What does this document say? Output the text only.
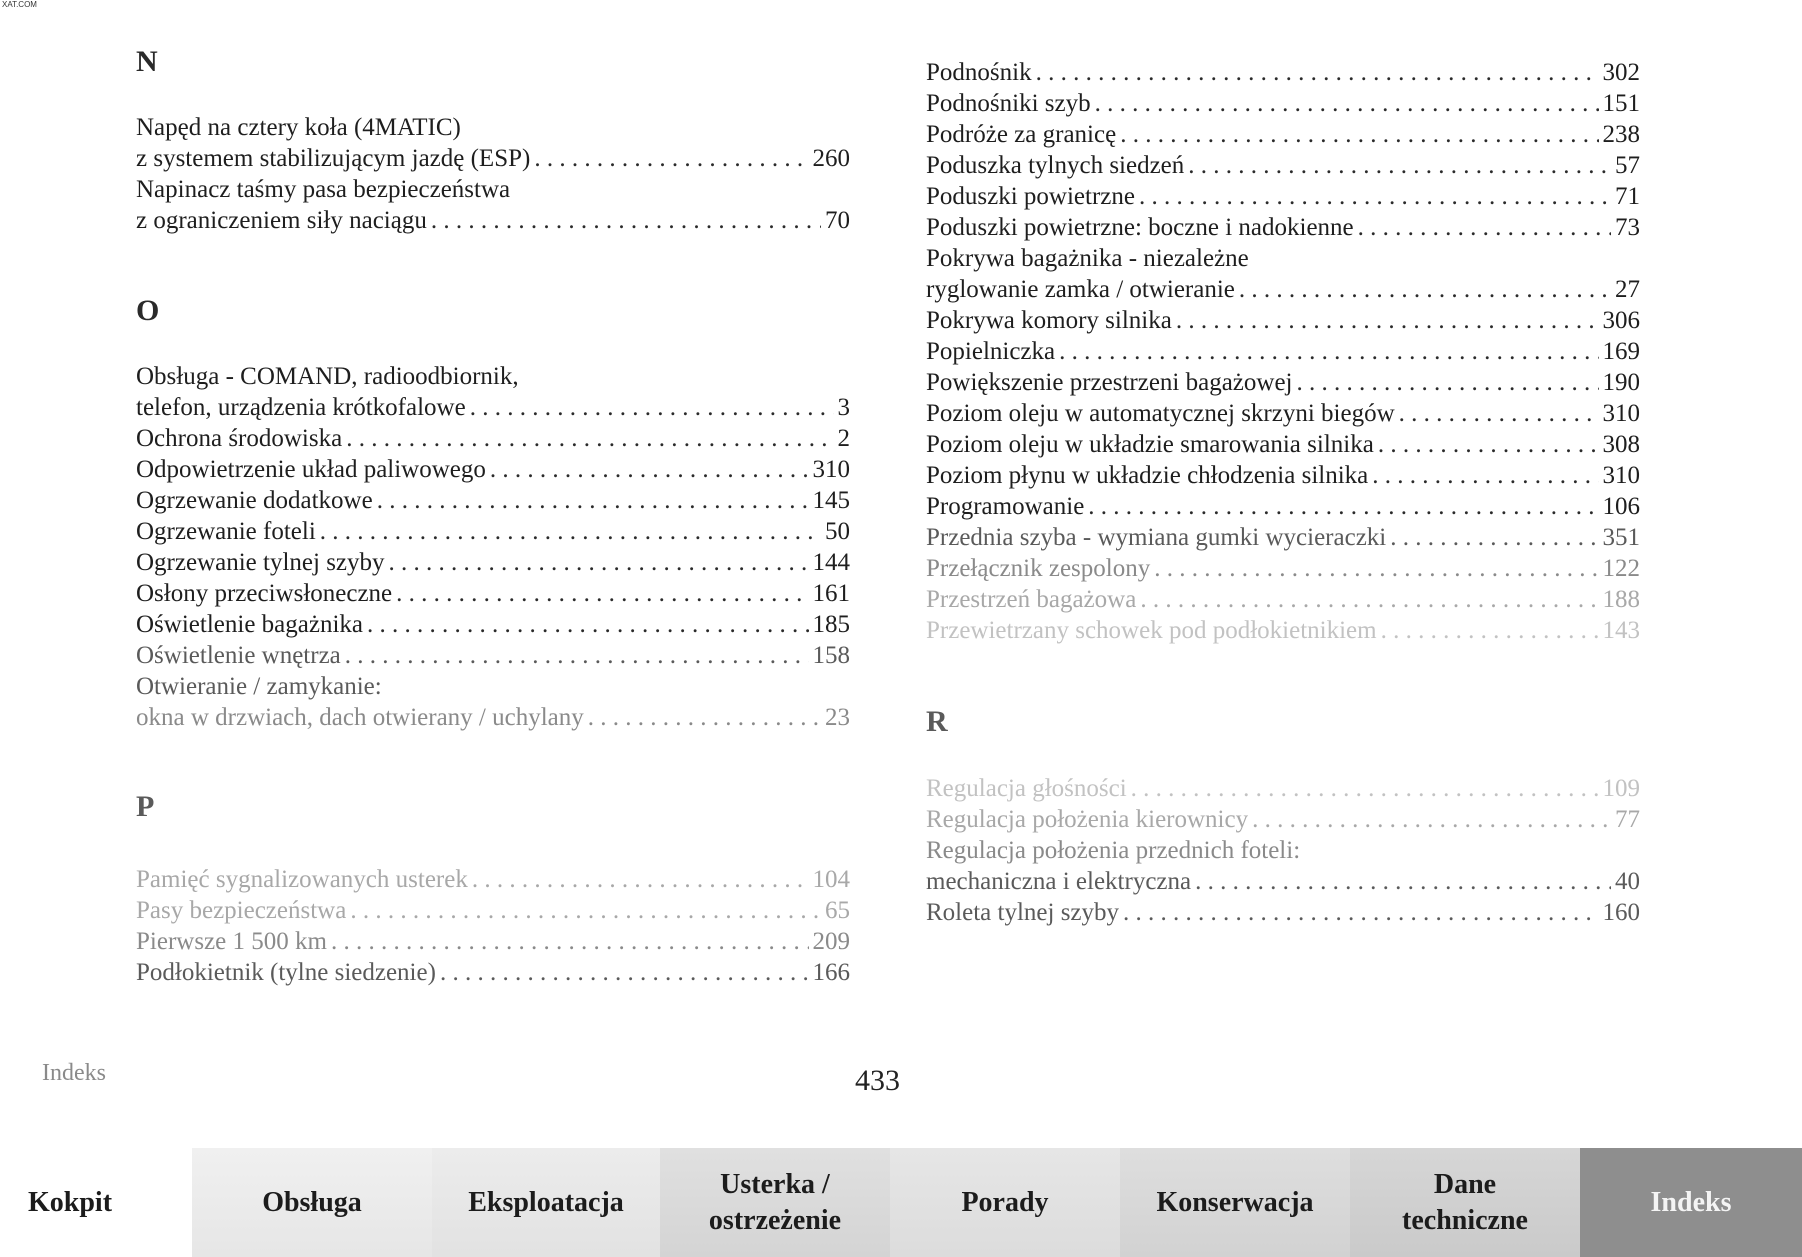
XAT.COM
N
Napęd na cztery koła (4MATIC)
z systemem stabilizującym jazdę (ESP) . . .	260
Napinacz taśmy pasa bezpieczeństwa
z ograniczeniem siły naciągu . . .	70
O
Obsługa - COMAND, radioodbiornik,
telefon, urządzenia krótkofalowe . . .	3
Ochrona środowiska . . .	2
Odpowietrzenie układ paliwowego . . .	310
Ogrzewanie dodatkowe . . .	145
Ogrzewanie foteli . . .	50
Ogrzewanie tylnej szyby . . .	144
Osłony przeciwsłoneczne . . .	161
Oświetlenie bagażnika . . .	185
Oświetlenie wnętrza . . .	158
Otwieranie / zamykanie:
okna w drzwiach, dach otwierany / uchylany . . .	23
P
Pamięć sygnalizowanych usterek . . .	104
Pasy bezpieczeństwa . . .	65
Pierwsze 1 500 km . . .	209
Podłokietnik (tylne siedzenie) . . .	166
Podnośnik . . .	302
Podnośniki szyb . . .	151
Podróże za granicę . . .	238
Poduszka tylnych siedzeń . . .	57
Poduszki powietrzne . . .	71
Poduszki powietrzne: boczne i nadokienne . . .	73
Pokrywa bagażnika - niezależne
ryglowanie zamka / otwieranie . . .	27
Pokrywa komory silnika . . .	306
Popielniczka . . .	169
Powiększenie przestrzeni bagażowej . . .	190
Poziom oleju w automatycznej skrzyni biegów . . .	310
Poziom oleju w układzie smarowania silnika . . .	308
Poziom płynu w układzie chłodzenia silnika . . .	310
Programowanie . . .	106
Przednia szyba - wymiana gumki wycieraczki . . .	351
Przełącznik zespolony . . .	122
Przestrzeń bagażowa . . .	188
Przewietrzany schowek pod podłokietnikiem . . .	143
R
Regulacja głośności . . .	109
Regulacja położenia kierownicy . . .	77
Regulacja położenia przednich foteli:
mechaniczna i elektryczna . . .	40
Roleta tylnej szyby . . .	160
Indeks	433
Kokpit	Obsługa	Eksploatacja
Usterka /
ostrzeżenie
Porady	Konserwacja
Dane
techniczne
Indeks
